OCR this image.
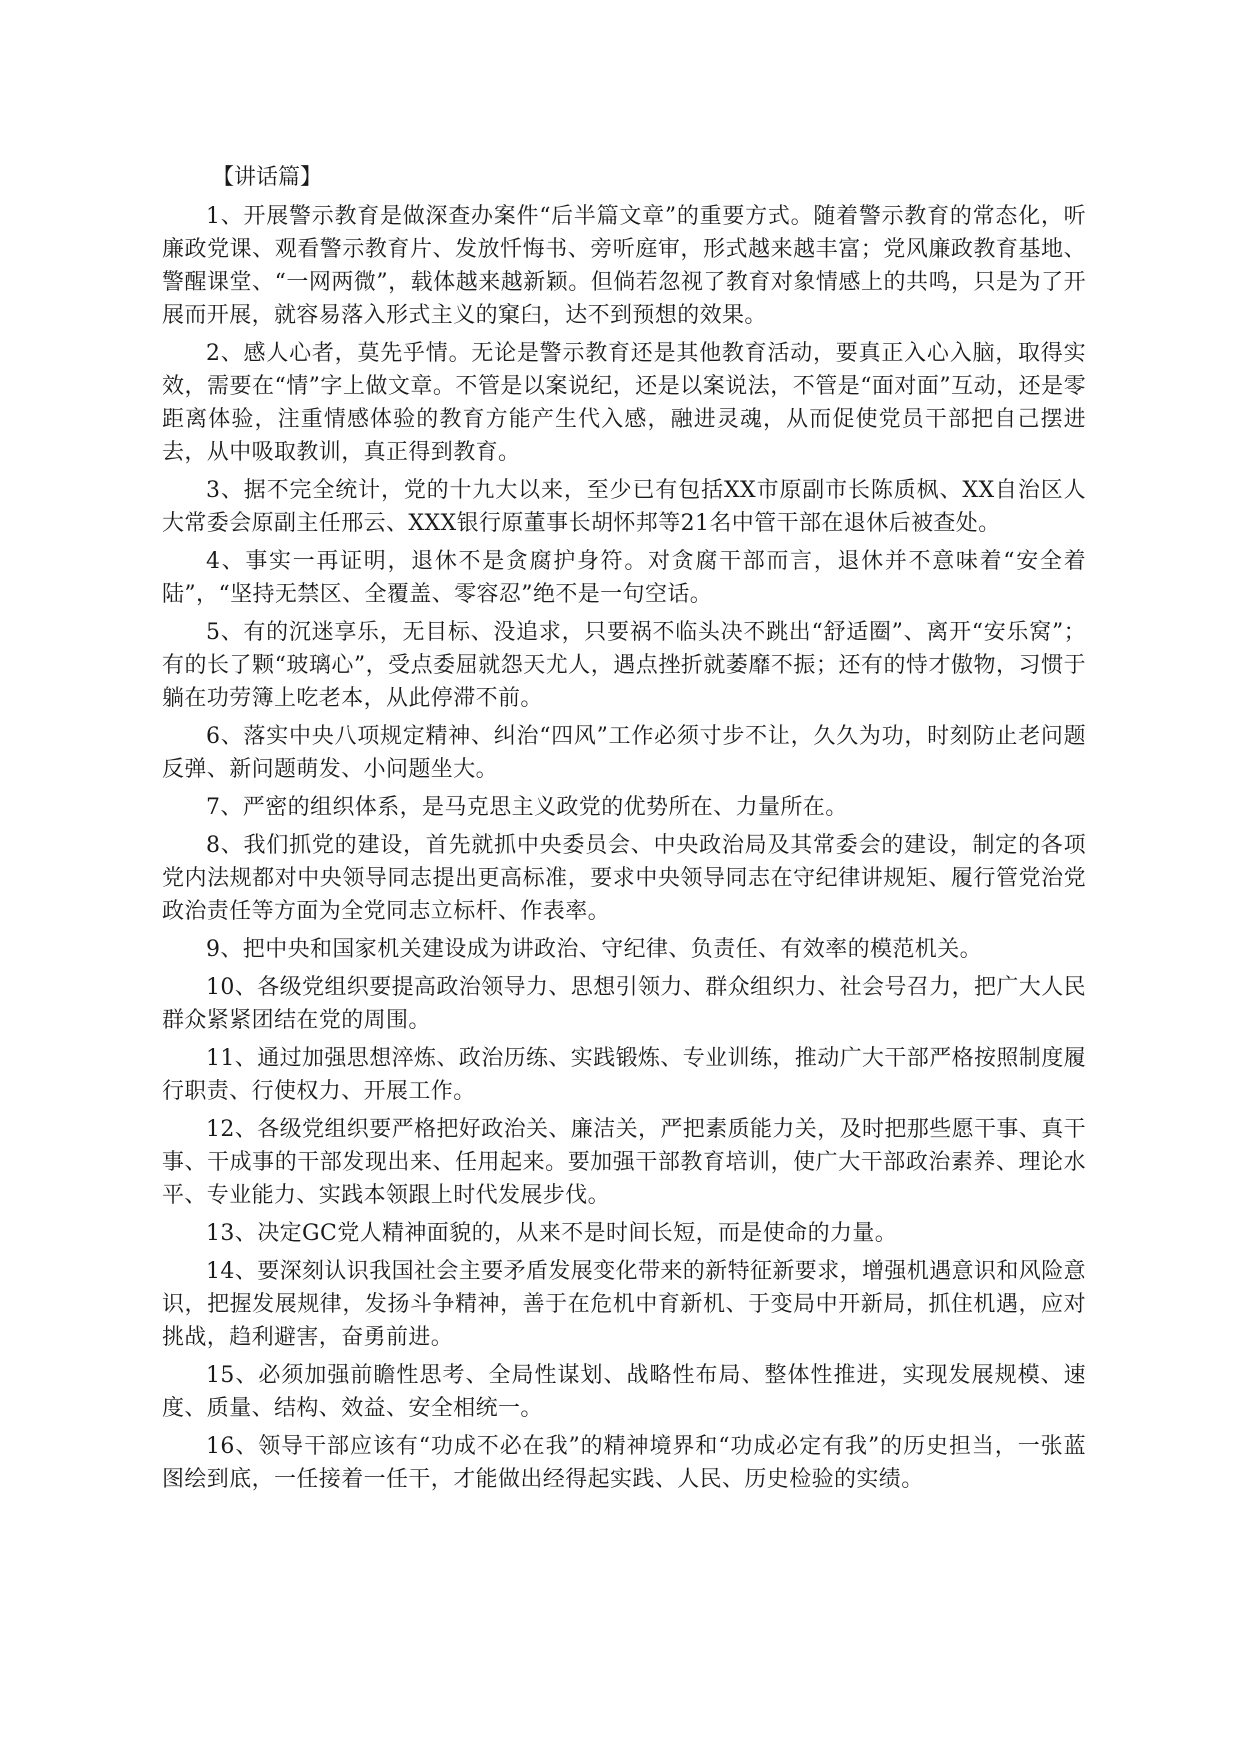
【讲话篇】

1、开展警示教育是做深查办案件“后半篇文章”的重要方式。随着警示教育的常态化，听廉政党课、观看警示教育片、发放忏悔书、旁听庭审，形式越来越丰富；党风廉政教育基地、警醒课堂、“一网两微”，载体越来越新颖。但倘若忽视了教育对象情感上的共鸣，只是为了开展而开展，就容易落入形式主义的窠臼，达不到预想的效果。

2、感人心者，莫先乎情。无论是警示教育还是其他教育活动，要真正入心入脑，取得实效，需要在“情”字上做文章。不管是以案说纪，还是以案说法，不管是“面对面”互动，还是零距离体验，注重情感体验的教育方能产生代入感，融进灵魂，从而促使党员干部把自己摆进去，从中吸取教训，真正得到教育。

3、据不完全统计，党的十九大以来，至少已有包括XX市原副市长陈质枫、XX自治区人大常委会原副主任邢云、XXX银行原董事长胡怀邦等21名中管干部在退休后被查处。

4、事实一再证明，退休不是贪腐护身符。对贪腐干部而言，退休并不意味着“安全着陆”，“坚持无禁区、全覆盖、零容忍”绝不是一句空话。

5、有的沉迷享乐，无目标、没追求，只要祸不临头决不跳出“舒适圈”、离开“安乐窝”；有的长了颗“玻璃心”，受点委屈就怨天尤人，遇点挫折就萎靡不振；还有的恃才傲物，习惯于躺在功劳簿上吃老本，从此停滞不前。

6、落实中央八项规定精神、纠治“四风”工作必须寸步不让，久久为功，时刻防止老问题反弹、新问题萌发、小问题坐大。

7、严密的组织体系，是马克思主义政党的优势所在、力量所在。

8、我们抓党的建设，首先就抓中央委员会、中央政治局及其常委会的建设，制定的各项党内法规都对中央领导同志提出更高标准，要求中央领导同志在守纪律讲规矩、履行管党治党政治责任等方面为全党同志立标杆、作表率。

9、把中央和国家机关建设成为讲政治、守纪律、负责任、有效率的模范机关。

10、各级党组织要提高政治领导力、思想引领力、群众组织力、社会号召力，把广大人民群众紧紧团结在党的周围。

11、通过加强思想淬炼、政治历练、实践锻炼、专业训练，推动广大干部严格按照制度履行职责、行使权力、开展工作。

12、各级党组织要严格把好政治关、廉洁关，严把素质能力关，及时把那些愿干事、真干事、干成事的干部发现出来、任用起来。要加强干部教育培训，使广大干部政治素养、理论水平、专业能力、实践本领跟上时代发展步伐。

13、决定GC党人精神面貌的，从来不是时间长短，而是使命的力量。

14、要深刻认识我国社会主要矛盾发展变化带来的新特征新要求，增强机遇意识和风险意识，把握发展规律，发扬斗争精神，善于在危机中育新机、于变局中开新局，抓住机遇，应对挑战，趋利避害，奋勇前进。

15、必须加强前瞻性思考、全局性谋划、战略性布局、整体性推进，实现发展规模、速度、质量、结构、效益、安全相统一。

16、领导干部应该有“功成不必在我”的精神境界和“功成必定有我”的历史担当，一张蓝图绘到底，一任接着一任干，才能做出经得起实践、人民、历史检验的实绩。
